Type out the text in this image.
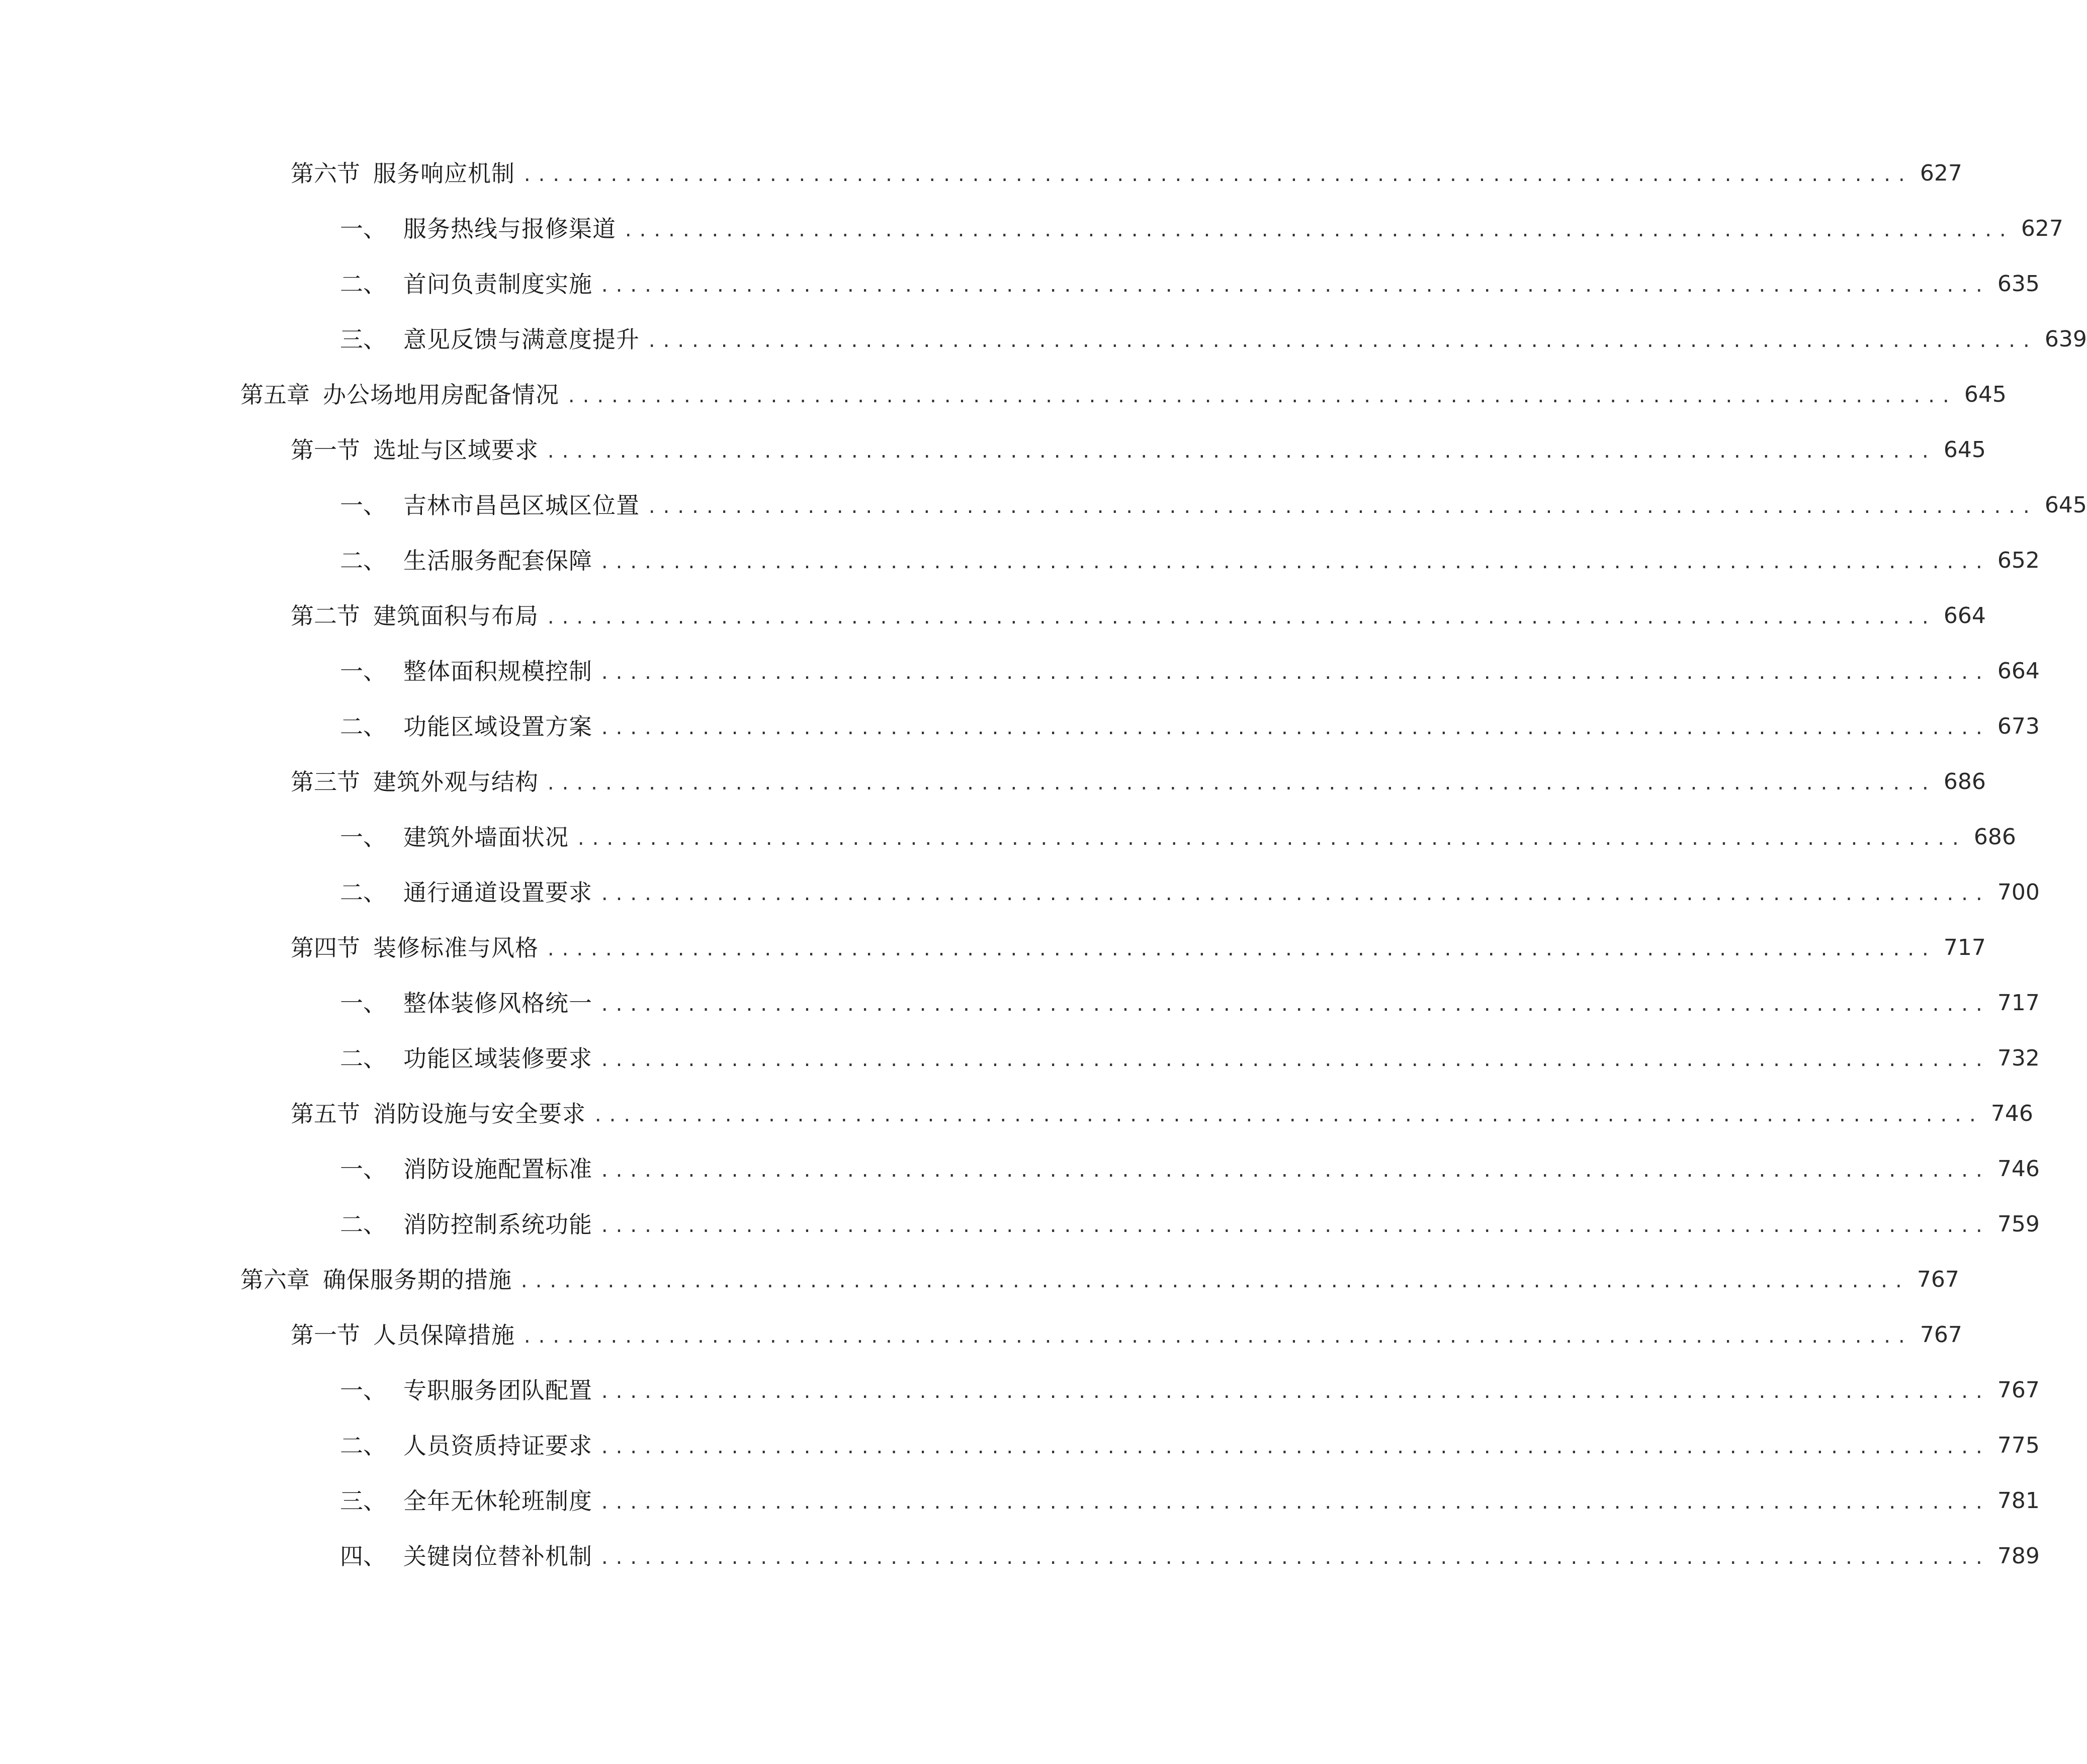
第六节 服务响应机制 ................................................................................................ 627
一、 服务热线与报修渠道 ................................................................................................ 627
二、 首问负责制度实施 ................................................................................................ 635
三、 意见反馈与满意度提升 ................................................................................................ 639
第五章 办公场地用房配备情况 ................................................................................................ 645
第一节 选址与区域要求 ................................................................................................ 645
一、 吉林市昌邑区城区位置 ................................................................................................ 645
二、 生活服务配套保障 ................................................................................................ 652
第二节 建筑面积与布局 ................................................................................................ 664
一、 整体面积规模控制 ................................................................................................ 664
二、 功能区域设置方案 ................................................................................................ 673
第三节 建筑外观与结构 ................................................................................................ 686
一、 建筑外墙面状况 ................................................................................................ 686
二、 通行通道设置要求 ................................................................................................ 700
第四节 装修标准与风格 ................................................................................................ 717
一、 整体装修风格统一 ................................................................................................ 717
二、 功能区域装修要求 ................................................................................................ 732
第五节 消防设施与安全要求 ................................................................................................ 746
一、 消防设施配置标准 ................................................................................................ 746
二、 消防控制系统功能 ................................................................................................ 759
第六章 确保服务期的措施 ................................................................................................ 767
第一节 人员保障措施 ................................................................................................ 767
一、 专职服务团队配置 ................................................................................................ 767
二、 人员资质持证要求 ................................................................................................ 775
三、 全年无休轮班制度 ................................................................................................ 781
四、 关键岗位替补机制 ................................................................................................ 789
